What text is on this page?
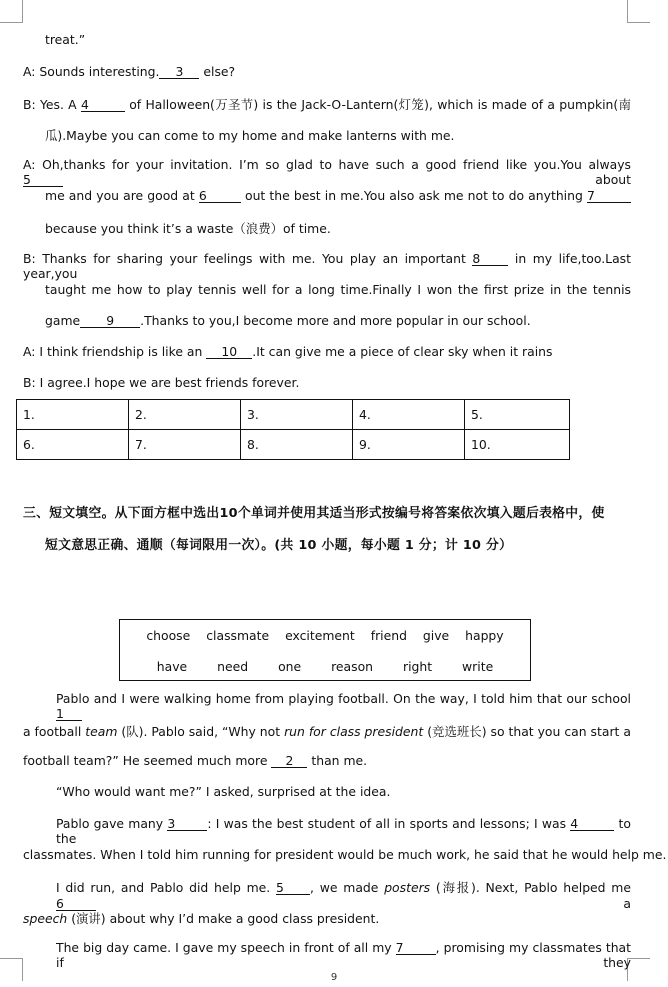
treat.”
A: Sounds interesting. 3 else?
B: Yes. A 4	of Halloween(万圣节) is the Jack-O-Lantern(灯笼), which is made of a pumpkin(南
瓜).Maybe you can come to my home and make lanterns with me.
A: Oh,thanks for your invitation. I’m so glad to have such a good friend like you.You always 5	about
me and you are good at 6	out the best in me.You also ask me not to do anything 7
because you think it’s a waste（浪费）of time.
B: Thanks for sharing your feelings with me. You play an important 8	in my life,too.Last year,you
taught me how to play tennis well for a long time.Finally I won the first prize in the tennis
game 9 .Thanks to you,I become more and more popular in our school.
A: I think friendship is like an 10 .It can give me a piece of clear sky when it rains
B: I agree.I hope we are best friends forever.
1.	2.	3.	4.	5.
6.	7.	8.	9.	10.
三、短文填空。从下面方框中选出10个单词并使用其适当形式按编号将答案依次填入题后表格中，使
短文意思正确、通顺（每词限用一次）。(共 10 小题，每小题 1 分；计 10 分）
choose classmate excitement friend give happy
have need one reason right write
Pablo and I were walking home from playing football. On the way, I told him that our school 1
a football team (队). Pablo said, “Why not run for class president (竞选班长) so that you can start a
football team?” He seemed much more 2 than me.
“Who would want me?” I asked, surprised at the idea.
Pablo gave many 3	: I was the best student of all in sports and lessons; I was 4	to the
classmates. When I told him running for president would be much work, he said that he would help me.
I did run, and Pablo did help me. 5 , we made posters (海报). Next, Pablo helped me 6	a
speech (演讲) about why I’d make a good class president.
The big day came. I gave my speech in front of all my 7	, promising my classmates that if they
9
